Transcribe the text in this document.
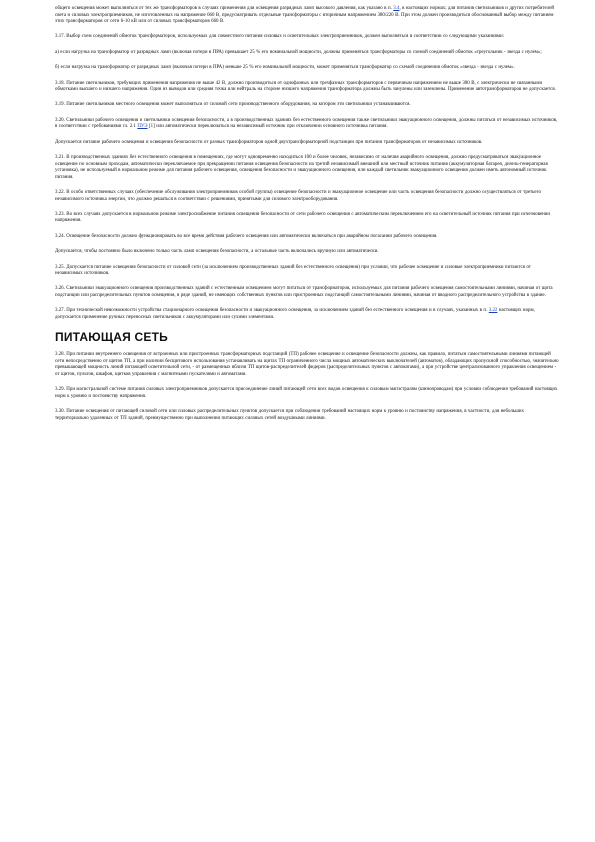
общего освещения может выполняться от тех же трансформаторов в случаях применения для освещения разрядных ламп высокого давления, как указано в п. 3.4, в настоящих нормах; для питания светильников и других потребителей света и силовых электроприемников, не изготовленных на напряжение 660 В, предусматривать отдельные трансформаторы с вторичным напряжением 380/220 В. При этом должен производиться обоснованный выбор между питанием этих трансформаторов от сети 6-10 кВ или от силовых трансформаторов 660 В.

3.17. Выбор схем соединений обмоток трансформаторов, используемых для совместного питания силовых и осветительных электроприемников, должен выполняться в соответствии со следующими указаниями:

а) если нагрузка на трансформатор от разрядных ламп (включая потери в ПРА) превышает 25 % его номинальной мощности, должны применяться трансформаторы со схемой соединений обмоток «треугольник - звезда с нулем»;

б) если нагрузка на трансформатор от разрядных ламп (включая потери в ПРА) меньше 25 % его номинальной мощности, может применяться трансформатор со схемой соединения обмоток «звезда - звезда с нулем».

3.18. Питание светильников, требующих применения напряжения не выше 42 В, должно производиться от однофазных или трехфазных трансформаторов с первичным напряжением не выше 380 В, с электрически не связанными обмотками высшего и низшего напряжения. Один из выводов или средняя точка или нейтраль на стороне низшего напряжения трансформатора должны быть занулены или заземлены. Применение автотрансформаторов не допускается.

3.19. Питание светильников местного освещения может выполняться от силовой сети производственного оборудования, на котором эти светильники устанавливаются.

3.20. Светильники рабочего освещения и светильники освещения безопасности, а в производственных зданиях без естественного освещения также светильники эвакуационного освещения, должны питаться от независимых источников, в соответствии с требованиями гл. 2.1 ПУЭ [1] или автоматически переключаться на независимый источник при отключении основного источника питания.

Допускается питание рабочего освещения и освещения безопасности от разных трансформаторов одной двухтрансформаторной подстанции при питании трансформаторов от независимых источников.

3.21. В производственных зданиях без естественного освещения в помещениях, где могут одновременно находиться 100 и более человек, независимо от наличия аварийного освещения, должно предусматриваться эвакуационное освещение по основным проходам, автоматически переключаемое при прекращении питания освещения безопасности на третий независимый внешний или местный источник питания (аккумуляторная батарея, дизель-генераторная установка), не используемый в нормальном режиме для питания рабочего освещения, освещения безопасности и эвакуационного освещения, или каждый светильник эвакуационного освещения должен иметь автономный источник питания.

3.22. В особо ответственных случаях (обеспечение обслуживания электроприемников особой группы) освещение безопасности и эвакуационное освещение или часть освещения безопасности должно осуществляться от третьего независимого источника энергии, что должно решаться в соответствии с решениями, принятыми для силового электрооборудования.

3.23. Во всех случаях допускается в нормальном режиме электроснабжение питания освещения безопасности от сети рабочего освещения с автоматическим переключением его на осветительный источник питания при исчезновении напряжения.

3.24. Освещение безопасности должно функционировать во все время действия рабочего освещения или автоматически включаться при аварийном погасании рабочего освещения.

Допускается, чтобы постоянно было включено только часть ламп освещения безопасности, а остальные часть включались вручную или автоматически.

3.25. Допускается питание освещения безопасности от силовой сети (за исключением производственных зданий без естественного освещения) при условии, что рабочее освещение и силовые электроприемники питаются от независимых источников.

3.26. Светильники эвакуационного освещения производственных зданий с естественным освещением могут питаться от трансформаторов, используемых для питания рабочего освещения самостоятельными линиями, начиная от щита подстанции или распределительных пунктов освещения, в ряде зданий, не имеющих собственных пунктов или пристроенных подстанций самостоятельными линиями, начиная от вводного распределительного устройства в здание.

3.27. При технической невозможности устройства стационарного освещения безопасности и эвакуационного освещения, за исключением зданий без естественного освещения и в случаях, указанных в п. 3.22 настоящих норм, допускается применение ручных переносных светильников с аккумуляторами или сухими элементами.

ПИТАЮЩАЯ СЕТЬ

3.28. При питании внутреннего освещения от встроенных или пристроенных трансформаторных подстанций (ТП) рабочее освещение и освещение безопасности должны, как правило, питаться самостоятельными линиями питающей сети непосредственно от щитов ТП, а при наличии бесщитового использования устанавливать на щитах ТП ограниченного числа мощных автоматических выключателей (автоматов), обладающих пропускной способностью, значительно превышающей мощность линий питающей осветительной сети, - от размещенных вблизи ТП щитов-распределителей фидеров (распределительных пунктов с автоматами), а при устройстве централизованного управления освещением - от щитов, пультов, шкафов, щитков управления с магнитными пускателями и автоматами.

3.29. При магистральной системе питания силовых электроприемников допускается присоединение линий питающей сети всех видов освещения к силовым магистралям (шинопроводам) при условии соблюдения требований настоящих норм к уровню и постоянству напряжения.

3.30. Питание освещения от питающей силовой сети или силовых распределительных пунктов допускается при соблюдении требований настоящих норм к уровню и постоянству напряжения, в частности, для небольших территориально удаленных от ТП зданий, преимущественно при выполнении питающих силовых сетей воздушными линиями.
